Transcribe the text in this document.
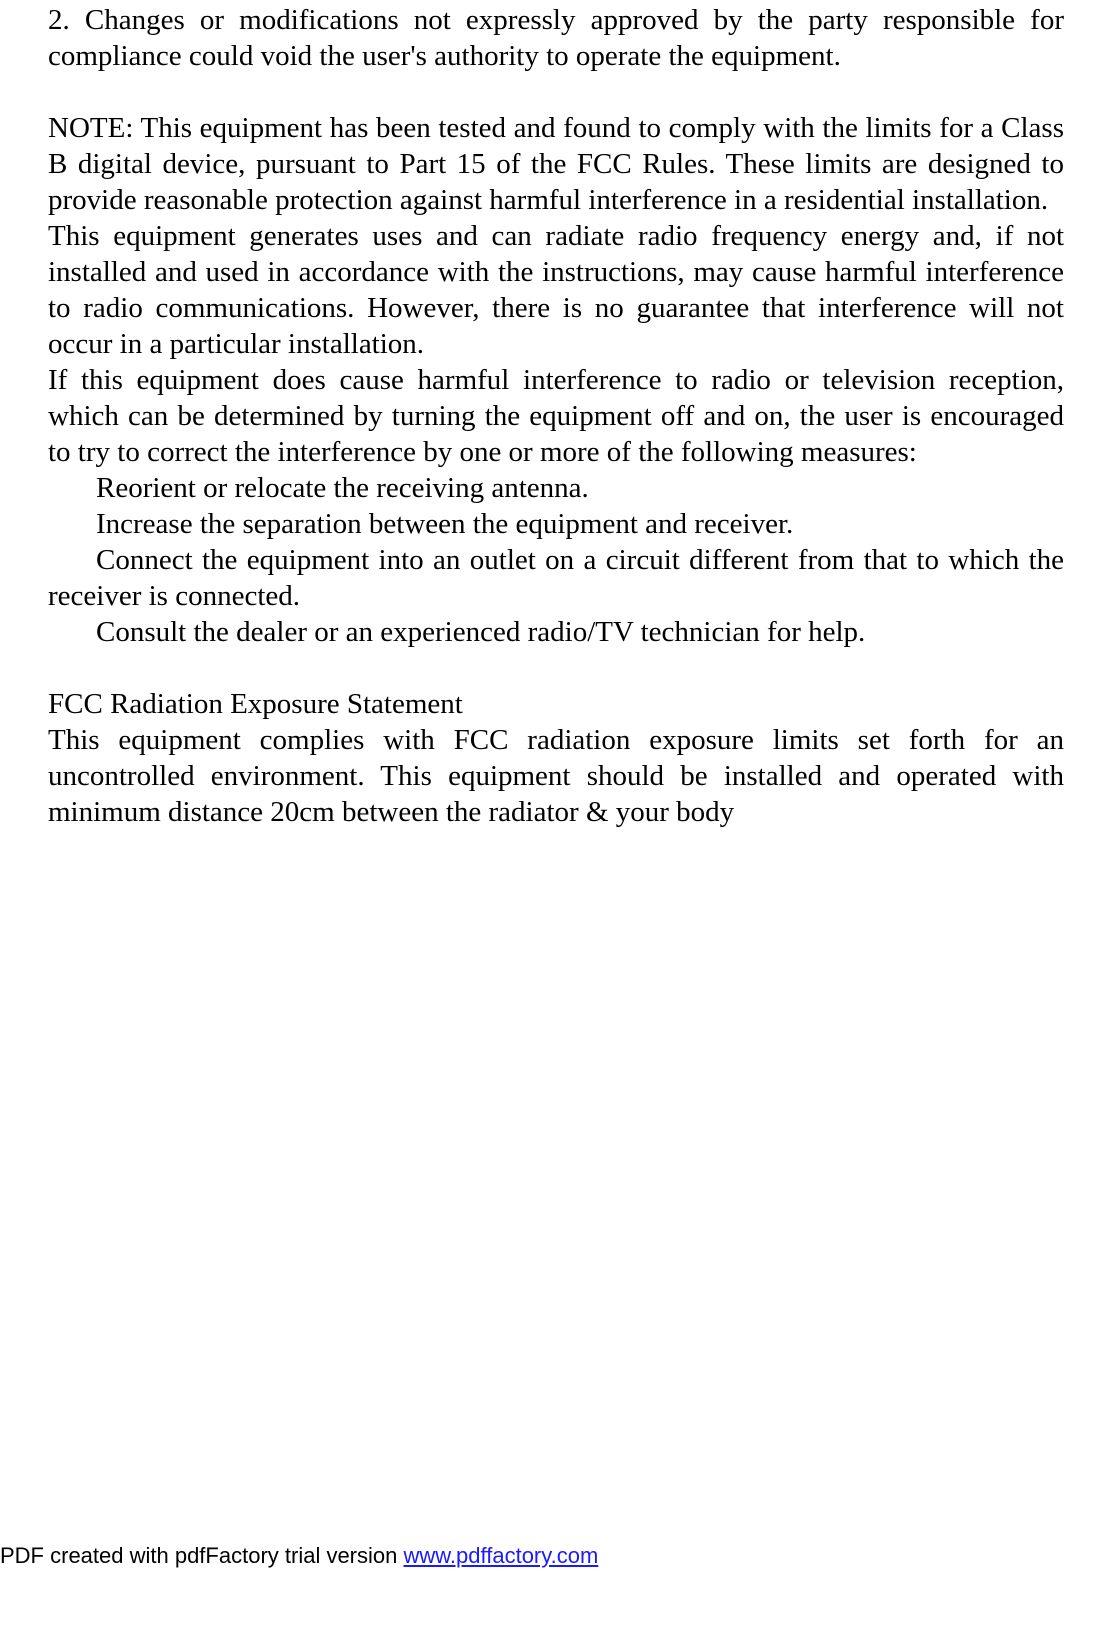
2. Changes or modifications not expressly approved by the party responsible for compliance could void the user's authority to operate the equipment.

NOTE: This equipment has been tested and found to comply with the limits for a Class B digital device, pursuant to Part 15 of the FCC Rules. These limits are designed to provide reasonable protection against harmful interference in a residential installation.

This equipment generates uses and can radiate radio frequency energy and, if not installed and used in accordance with the instructions, may cause harmful interference to radio communications. However, there is no guarantee that interference will not occur in a particular installation.

If this equipment does cause harmful interference to radio or television reception, which can be determined by turning the equipment off and on, the user is encouraged to try to correct the interference by one or more of the following measures:

Reorient or relocate the receiving antenna.

Increase the separation between the equipment and receiver.

Connect the equipment into an outlet on a circuit different from that to which the receiver is connected.

Consult the dealer or an experienced radio/TV technician for help.

FCC Radiation Exposure Statement

This equipment complies with FCC radiation exposure limits set forth for an uncontrolled environment. This equipment should be installed and operated with minimum distance 20cm between the radiator & your body

PDF created with pdfFactory trial version www.pdffactory.com
